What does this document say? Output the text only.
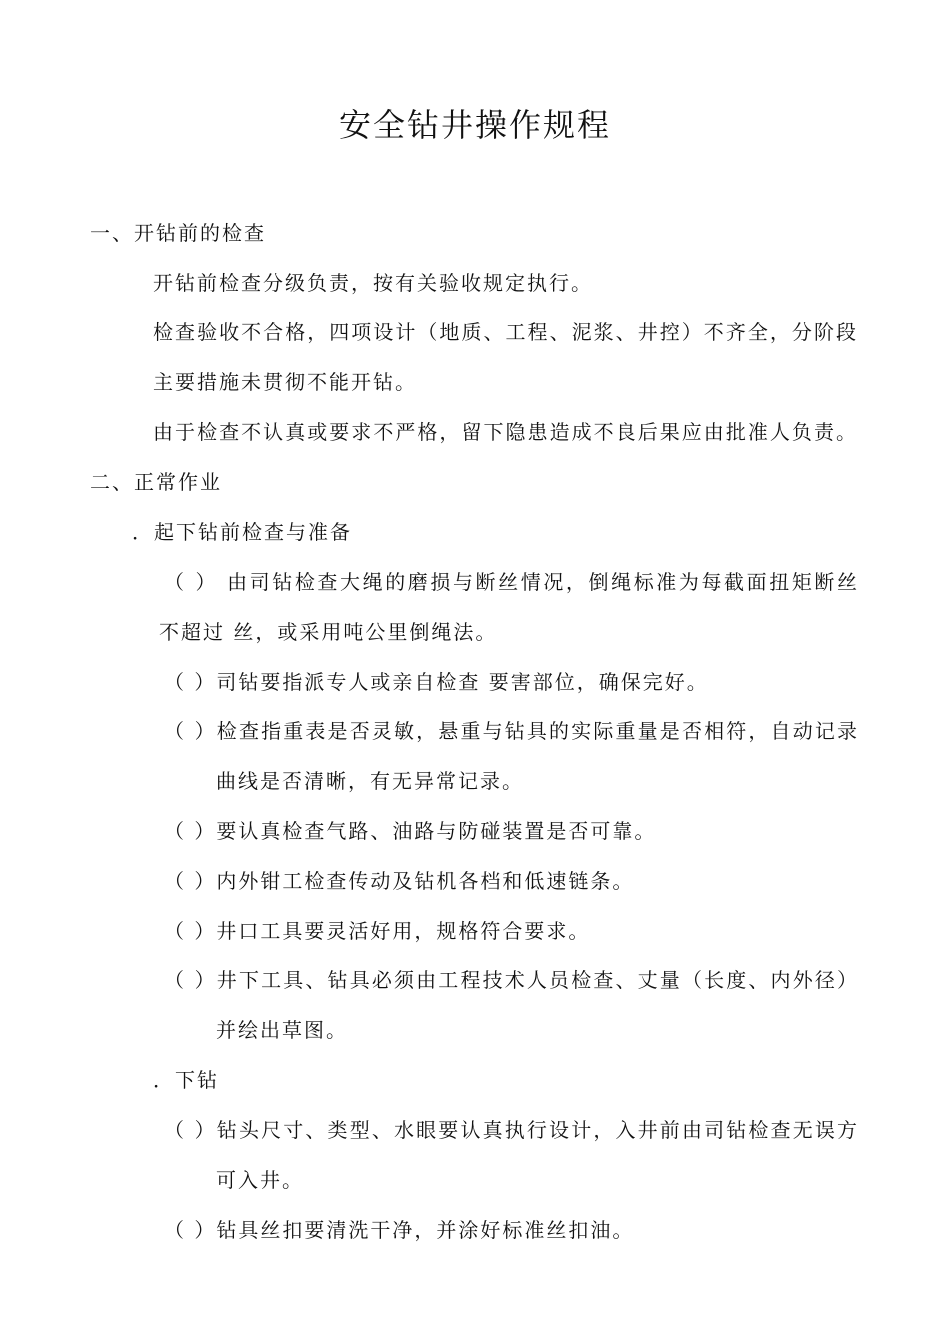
安全钻井操作规程
一、开钻前的检查
开钻前检查分级负责，按有关验收规定执行。
检查验收不合格，四项设计（地质、工程、泥浆、井控）不齐全，分阶段
主要措施未贯彻不能开钻。
由于检查不认真或要求不严格，留下隐患造成不良后果应由批准人负责。
二、正常作业
．起下钻前检查与准备
（ ） 由司钻检查大绳的磨损与断丝情况，倒绳标准为每截面扭矩断丝
不超过 丝，或采用吨公里倒绳法。
（ ）司钻要指派专人或亲自检查 要害部位，确保完好。
（ ）检查指重表是否灵敏，悬重与钻具的实际重量是否相符，自动记录
曲线是否清晰，有无异常记录。
（ ）要认真检查气路、油路与防碰装置是否可靠。
（ ）内外钳工检查传动及钻机各档和低速链条。
（ ）井口工具要灵活好用，规格符合要求。
（ ）井下工具、钻具必须由工程技术人员检查、丈量（长度、内外径）
并绘出草图。
．下钻
（ ）钻头尺寸、类型、水眼要认真执行设计，入井前由司钻检查无误方
可入井。
（ ）钻具丝扣要清洗干净，并涂好标准丝扣油。
